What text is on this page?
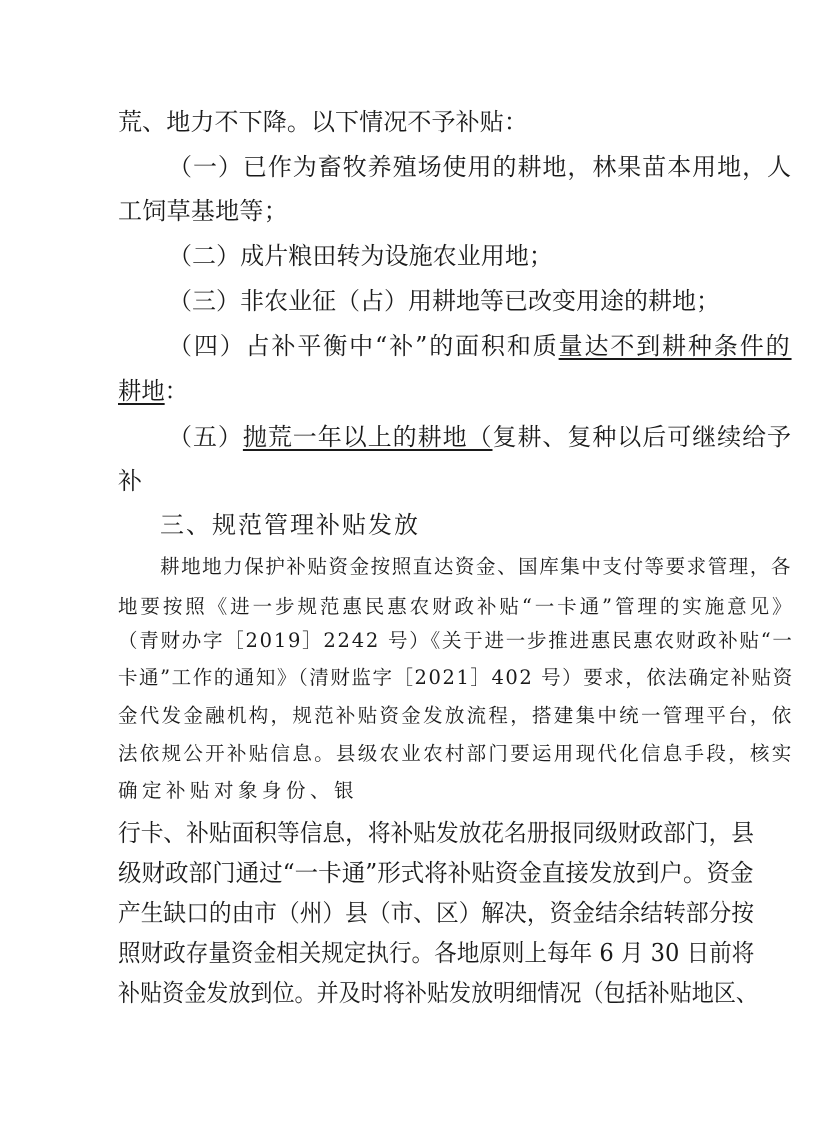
荒、地力不下降。以下情况不予补贴：

（一）已作为畜牧养殖场使用的耕地，林果苗本用地，人

工饲草基地等；

（二）成片粮田转为设施农业用地；

（三）非农业征（占）用耕地等已改变用途的耕地；

（四）占补平衡中“补”的面积和质量达不到耕种条件的

耕地：

（五）抛荒一年以上的耕地（复耕、复种以后可继续给予

补

三、规范管理补贴发放

耕地地力保护补贴资金按照直达资金、国库集中支付等要求管理，各

地要按照《进一步规范惠民惠农财政补贴“一卡通”管理的实施意见》

（青财办字［2019］2242 号）《关于进一步推进惠民惠农财政补贴“一

卡通”工作的通知》（清财监字［2021］402 号）要求，依法确定补贴资

金代发金融机构，规范补贴资金发放流程，搭建集中统一管理平台，依

法依规公开补贴信息。县级农业农村部门要运用现代化信息手段，核实

确定补贴对象身份、银

行卡、补贴面积等信息，将补贴发放花名册报同级财政部门，县

级财政部门通过“一卡通”形式将补贴资金直接发放到户。资金

产生缺口的由市（州）县（市、区）解决，资金结余结转部分按

照财政存量资金相关规定执行。各地原则上每年 6 月 30 日前将

补贴资金发放到位。并及时将补贴发放明细情况（包括补贴地区、
